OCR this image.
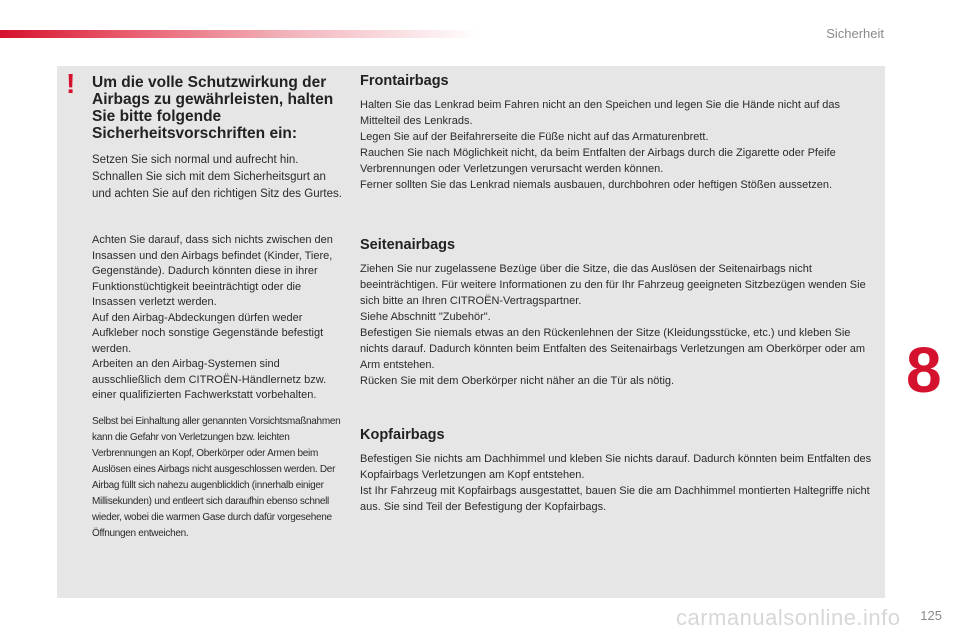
Sicherheit
! Um die volle Schutzwirkung der Airbags zu gewährleisten, halten Sie bitte folgende Sicherheitsvorschriften ein:

Setzen Sie sich normal und aufrecht hin. Schnallen Sie sich mit dem Sicherheitsgurt an und achten Sie auf den richtigen Sitz des Gurtes.

Achten Sie darauf, dass sich nichts zwischen den Insassen und den Airbags befindet (Kinder, Tiere, Gegenstände). Dadurch könnten diese in ihrer Funktionstüchtigkeit beeinträchtigt oder die Insassen verletzt werden.
Auf den Airbag-Abdeckungen dürfen weder Aufkleber noch sonstige Gegenstände befestigt werden.
Arbeiten an den Airbag-Systemen sind ausschließlich dem CITROËN-Händlernetz bzw. einer qualifizierten Fachwerkstatt vorbehalten.

Selbst bei Einhaltung aller genannten Vorsichtsmaßnahmen kann die Gefahr von Verletzungen bzw. leichten Verbrennungen an Kopf, Oberkörper oder Armen beim Auslösen eines Airbags nicht ausgeschlossen werden. Der Airbag füllt sich nahezu augenblicklich (innerhalb einiger Millisekunden) und entleert sich daraufhin ebenso schnell wieder, wobei die warmen Gase durch dafür vorgesehene Öffnungen entweichen.

Frontairbags

Halten Sie das Lenkrad beim Fahren nicht an den Speichen und legen Sie die Hände nicht auf das Mittelteil des Lenkrads.
Legen Sie auf der Beifahrerseite die Füße nicht auf das Armaturenbrett.
Rauchen Sie nach Möglichkeit nicht, da beim Entfalten der Airbags durch die Zigarette oder Pfeife Verbrennungen oder Verletzungen verursacht werden können.
Ferner sollten Sie das Lenkrad niemals ausbauen, durchbohren oder heftigen Stößen aussetzen.

Seitenairbags

Ziehen Sie nur zugelassene Bezüge über die Sitze, die das Auslösen der Seitenairbags nicht beeinträchtigen. Für weitere Informationen zu den für Ihr Fahrzeug geeigneten Sitzbezügen wenden Sie sich bitte an Ihren CITROËN-Vertragspartner.
Siehe Abschnitt "Zubehör".
Befestigen Sie niemals etwas an den Rückenlehnen der Sitze (Kleidungsstücke, etc.) und kleben Sie nichts darauf. Dadurch könnten beim Entfalten des Seitenairbags Verletzungen am Oberkörper oder am Arm entstehen.
Rücken Sie mit dem Oberkörper nicht näher an die Tür als nötig.

Kopfairbags

Befestigen Sie nichts am Dachhimmel und kleben Sie nichts darauf. Dadurch könnten beim Entfalten des Kopfairbags Verletzungen am Kopf entstehen.
Ist Ihr Fahrzeug mit Kopfairbags ausgestattet, bauen Sie die am Dachhimmel montierten Haltegriffe nicht aus. Sie sind Teil der Befestigung der Kopfairbags.

8
carmanualsonline.info 125
